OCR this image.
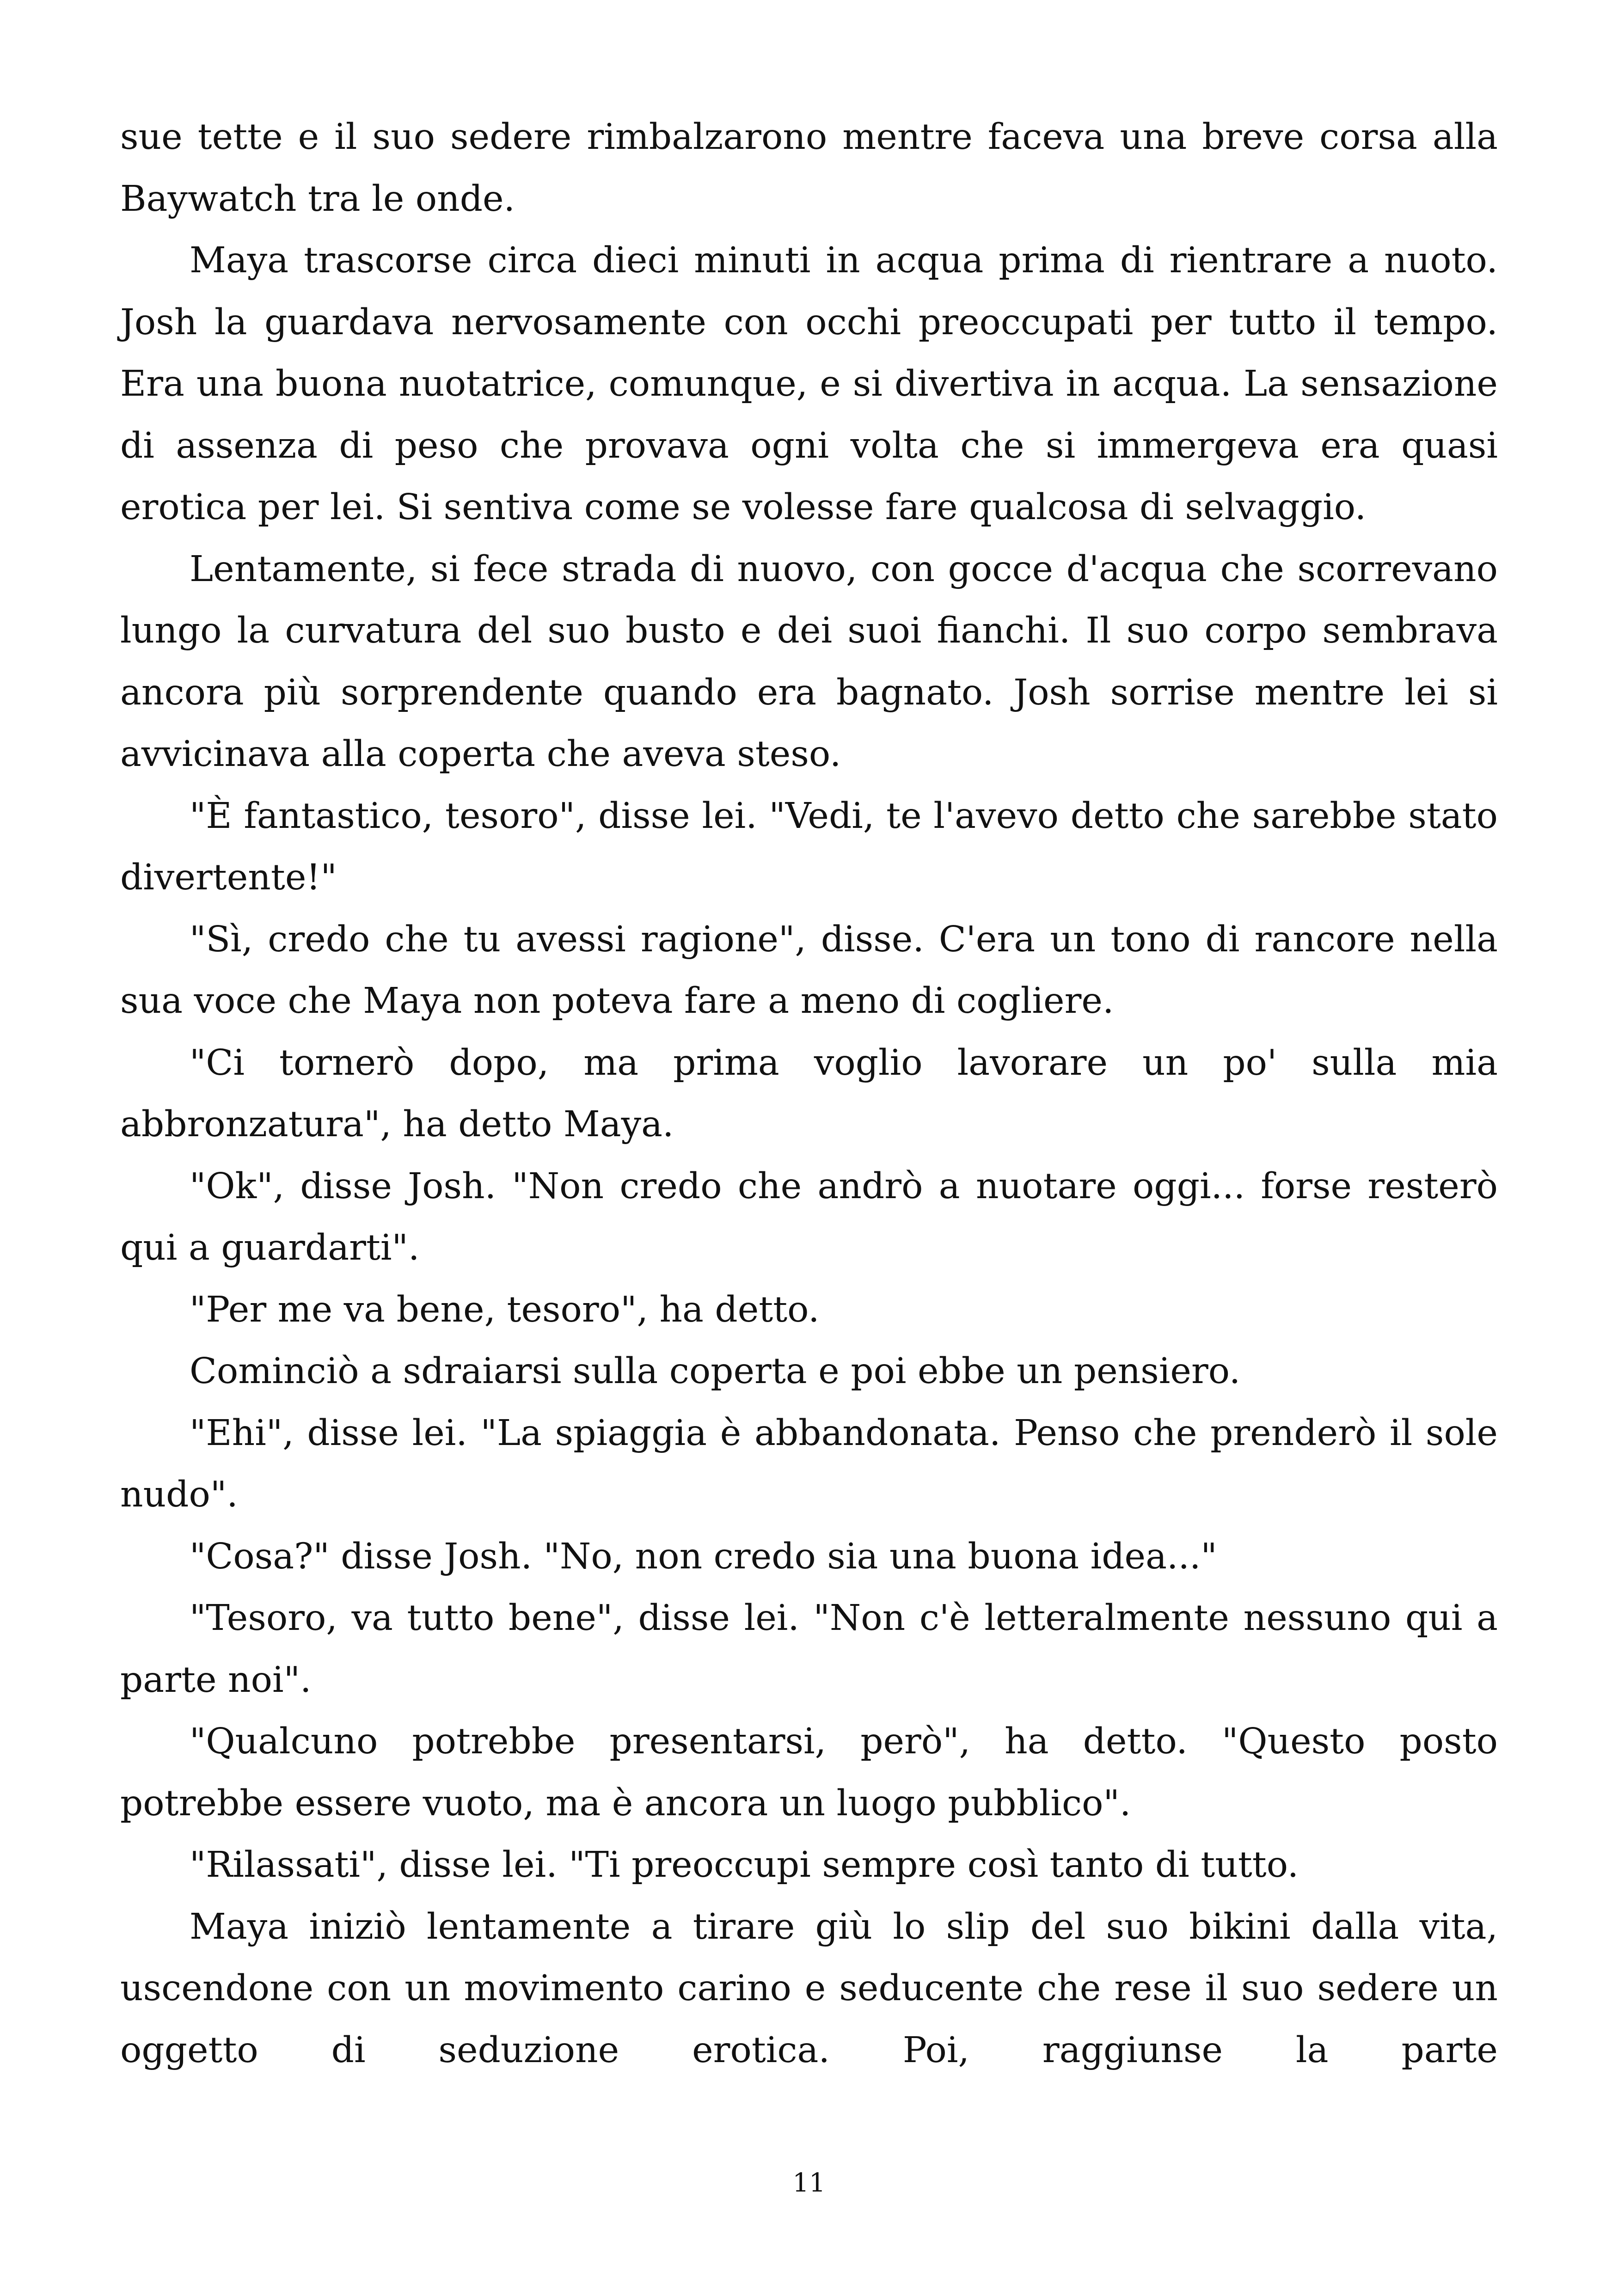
sue tette e il suo sedere rimbalzarono mentre faceva una breve corsa alla Baywatch tra le onde.

Maya trascorse circa dieci minuti in acqua prima di rientrare a nuoto. Josh la guardava nervosamente con occhi preoccupati per tutto il tempo. Era una buona nuotatrice, comunque, e si divertiva in acqua. La sensazione di assenza di peso che provava ogni volta che si immergeva era quasi erotica per lei. Si sentiva come se volesse fare qualcosa di selvaggio.

Lentamente, si fece strada di nuovo, con gocce d'acqua che scorrevano lungo la curvatura del suo busto e dei suoi fianchi. Il suo corpo sembrava ancora più sorprendente quando era bagnato. Josh sorrise mentre lei si avvicinava alla coperta che aveva steso.

"È fantastico, tesoro", disse lei. "Vedi, te l'avevo detto che sarebbe stato divertente!"

"Sì, credo che tu avessi ragione", disse. C'era un tono di rancore nella sua voce che Maya non poteva fare a meno di cogliere.

"Ci tornerò dopo, ma prima voglio lavorare un po' sulla mia abbronzatura", ha detto Maya.

"Ok", disse Josh. "Non credo che andrò a nuotare oggi... forse resterò qui a guardarti".

"Per me va bene, tesoro", ha detto.

Cominciò a sdraiarsi sulla coperta e poi ebbe un pensiero.

"Ehi", disse lei. "La spiaggia è abbandonata. Penso che prenderò il sole nudo".

"Cosa?" disse Josh. "No, non credo sia una buona idea..."

"Tesoro, va tutto bene", disse lei. "Non c'è letteralmente nessuno qui a parte noi".

"Qualcuno potrebbe presentarsi, però", ha detto. "Questo posto potrebbe essere vuoto, ma è ancora un luogo pubblico".

"Rilassati", disse lei. "Ti preoccupi sempre così tanto di tutto.

Maya iniziò lentamente a tirare giù lo slip del suo bikini dalla vita, uscendone con un movimento carino e seducente che rese il suo sedere un oggetto di seduzione erotica. Poi, raggiunse la parte

11
